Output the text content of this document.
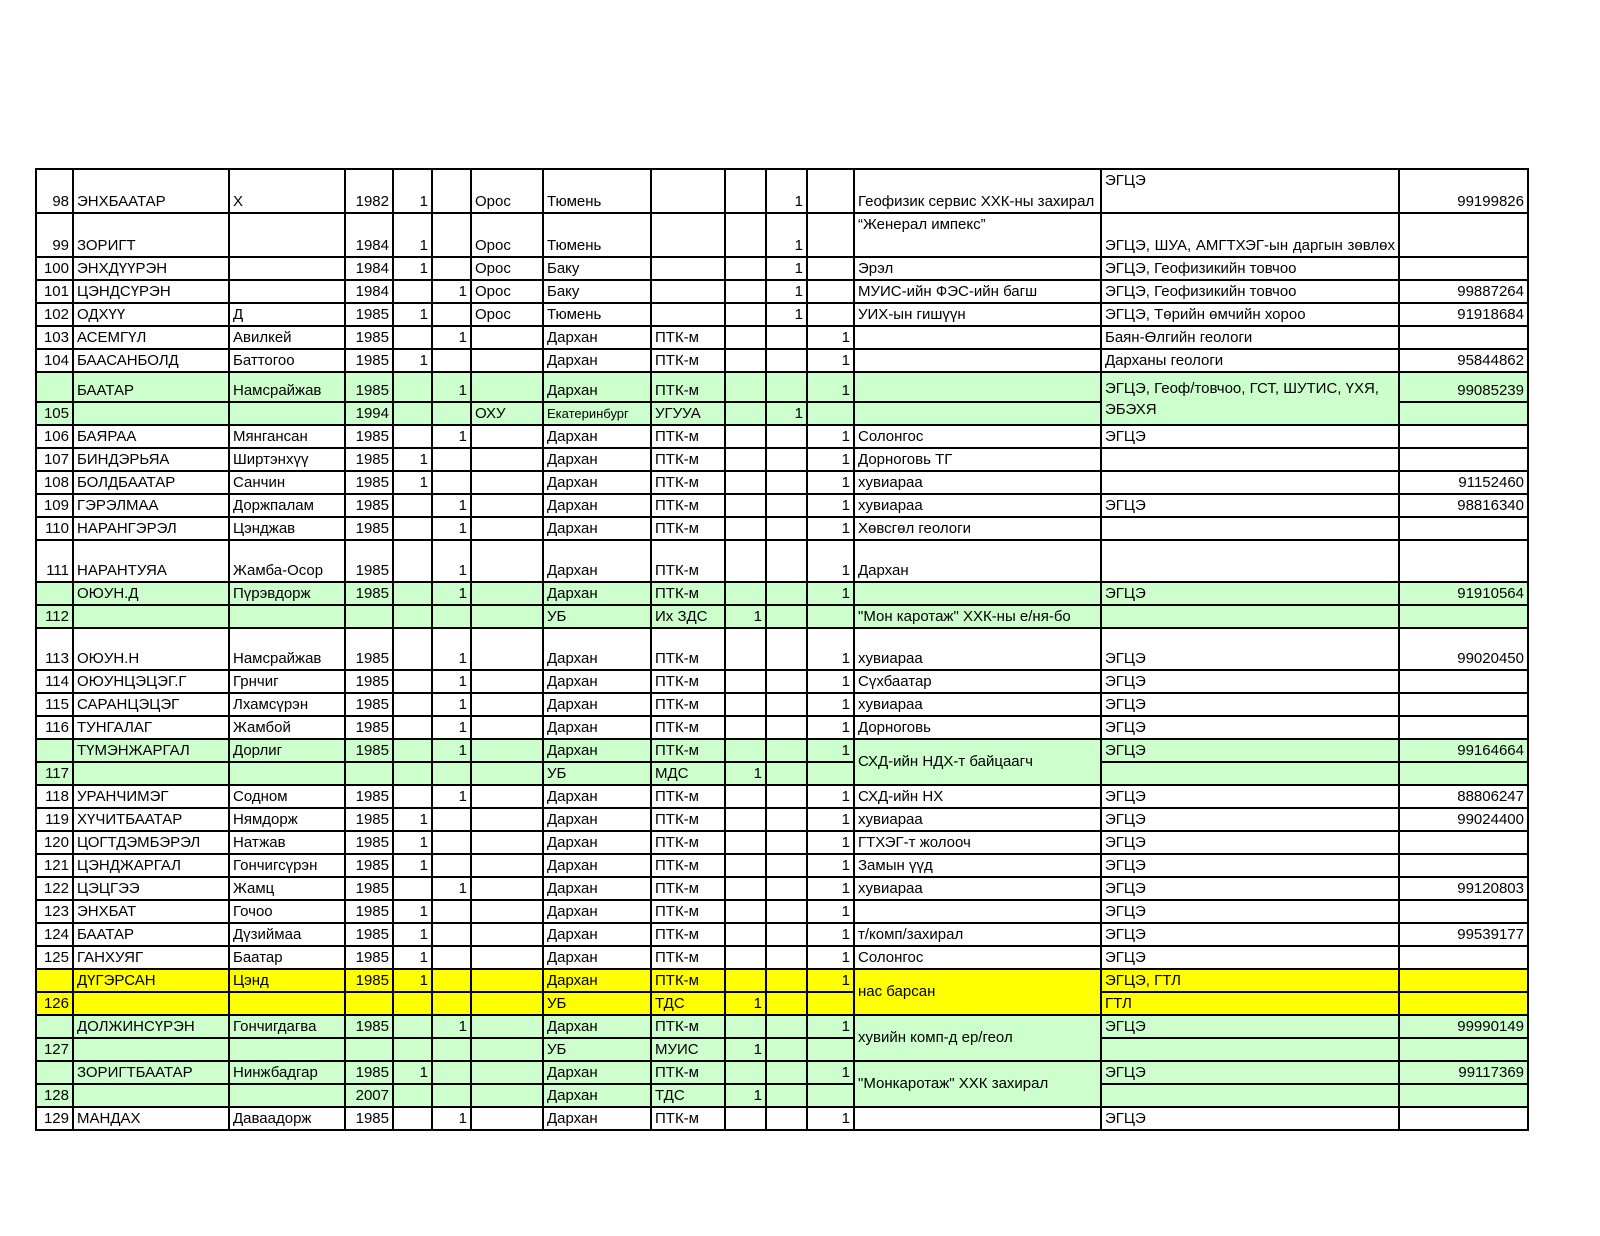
98	ЭНХБААТАР	Х	1982	1		Орос	Тюмень			1		Геофизик сервис ХХК-ны захирал	ЭГЦЭ	99199826
99	ЗОРИГТ		1984	1		Орос	Тюмень			1		“Женерал импекс”	ЭГЦЭ, ШУА, АМГТХЭГ-ын даргын зөвлөх	
100	ЭНХДҮҮРЭН		1984	1		Орос	Баку			1		Эрэл	ЭГЦЭ, Геофизикийн товчоо	
101	ЦЭНДСҮРЭН		1984		1	Орос	Баку			1		МУИС-ийн ФЭС-ийн багш	ЭГЦЭ, Геофизикийн товчоо	99887264
102	ОДХҮҮ	Д	1985	1		Орос	Тюмень			1		УИХ-ын гишүүн	ЭГЦЭ, Төрийн өмчийн хороо	91918684
103	АСЕМГҮЛ	Авилкей	1985		1		Дархан	ПТК-м			1		Баян-Өлгийн геологи	
104	БААСАНБОЛД	Баттогоо	1985	1			Дархан	ПТК-м			1		Дарханы геологи	95844862
	БААТАР	Намсрайжав	1985		1		Дархан	ПТК-м			1		ЭГЦЭ, Геоф/товчоо, ГСТ, ШУТИС, ҮХЯ, ЭБЭХЯ	99085239
105			1994			ОХУ	Екатеринбург	УГУУА		1				
106	БАЯРАА	Мянгансан	1985		1		Дархан	ПТК-м			1	Солонгос	ЭГЦЭ	
107	БИНДЭРЬЯА	Ширтэнхүү	1985	1			Дархан	ПТК-м			1	Дорноговь ТГ		
108	БОЛДБААТАР	Санчин	1985	1			Дархан	ПТК-м			1	хувиараа		91152460
109	ГЭРЭЛМАА	Доржпалам	1985		1		Дархан	ПТК-м			1	хувиараа	ЭГЦЭ	98816340
110	НАРАНГЭРЭЛ	Цэнджав	1985		1		Дархан	ПТК-м			1	Хөвсгөл геологи		
111	НАРАНТУЯА	Жамба-Осор	1985		1		Дархан	ПТК-м			1	Дархан		
	ОЮУН.Д	Пүрэвдорж	1985		1		Дархан	ПТК-м			1		ЭГЦЭ	91910564
112							УБ	Их ЗДС	1			"Мон каротаж" ХХК-ны е/ня-бо		
113	ОЮУН.Н	Намсрайжав	1985		1		Дархан	ПТК-м			1	хувиараа	ЭГЦЭ	99020450
114	ОЮУНЦЭЦЭГ.Г	Грнчиг	1985		1		Дархан	ПТК-м			1	Сүхбаатар	ЭГЦЭ	
115	САРАНЦЭЦЭГ	Лхамсүрэн	1985		1		Дархан	ПТК-м			1	хувиараа	ЭГЦЭ	
116	ТУНГАЛАГ	Жамбой	1985		1		Дархан	ПТК-м			1	Дорноговь	ЭГЦЭ	
	ТҮМЭНЖАРГАЛ	Дорлиг	1985		1		Дархан	ПТК-м			1	СХД-ийн НДХ-т байцаагч	ЭГЦЭ	99164664
117							УБ	МДС	1					
118	УРАНЧИМЭГ	Содном	1985		1		Дархан	ПТК-м			1	СХД-ийн НХ	ЭГЦЭ	88806247
119	ХҮЧИТБААТАР	Нямдорж	1985	1			Дархан	ПТК-м			1	хувиараа	ЭГЦЭ	99024400
120	ЦОГТДЭМБЭРЭЛ	Натжав	1985	1			Дархан	ПТК-м			1	ГТХЭГ-т жолооч	ЭГЦЭ	
121	ЦЭНДЖАРГАЛ	Гончигсүрэн	1985	1			Дархан	ПТК-м			1	Замын үүд	ЭГЦЭ	
122	ЦЭЦГЭЭ	Жамц	1985		1		Дархан	ПТК-м			1	хувиараа	ЭГЦЭ	99120803
123	ЭНХБАТ	Гочоо	1985	1			Дархан	ПТК-м			1		ЭГЦЭ	
124	БААТАР	Дүзиймаа	1985	1			Дархан	ПТК-м			1	т/комп/захирал	ЭГЦЭ	99539177
125	ГАНХУЯГ	Баатар	1985	1			Дархан	ПТК-м			1	Солонгос	ЭГЦЭ	
	ДҮГЭРСАН	Цэнд	1985	1			Дархан	ПТК-м			1	нас барсан	ЭГЦЭ, ГТЛ	
126							УБ	ТДС	1				ГТЛ	
	ДОЛЖИНСҮРЭН	Гончигдагва	1985		1		Дархан	ПТК-м			1	хувийн комп-д ер/геол	ЭГЦЭ	99990149
127							УБ	МУИС	1					
	ЗОРИГТБААТАР	Нинжбадгар	1985	1			Дархан	ПТК-м			1	"Монкаротаж" ХХК захирал	ЭГЦЭ	99117369
128			2007				Дархан	ТДС	1					
129	МАНДАХ	Даваадорж	1985		1		Дархан	ПТК-м			1		ЭГЦЭ	
